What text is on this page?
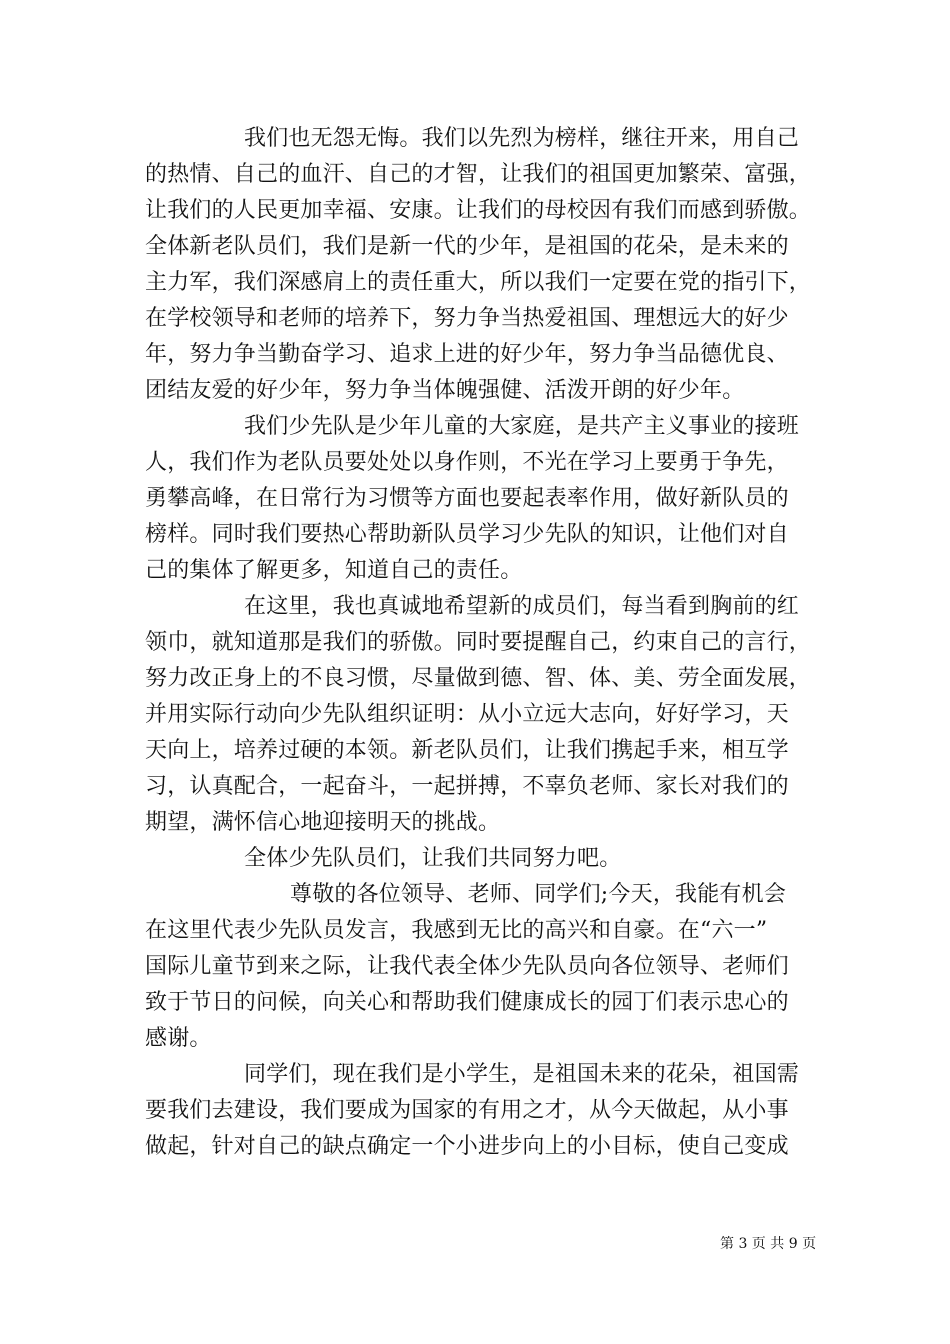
我们也无怨无悔。我们以先烈为榜样，继往开来，用自己
的热情、自己的血汗、自己的才智，让我们的祖国更加繁荣、富强，
让我们的人民更加幸福、安康。让我们的母校因有我们而感到骄傲。
全体新老队员们，我们是新一代的少年，是祖国的花朵，是未来的
主力军，我们深感肩上的责任重大，所以我们一定要在党的指引下，
在学校领导和老师的培养下，努力争当热爱祖国、理想远大的好少
年，努力争当勤奋学习、追求上进的好少年，努力争当品德优良、
团结友爱的好少年，努力争当体魄强健、活泼开朗的好少年。
我们少先队是少年儿童的大家庭，是共产主义事业的接班
人，我们作为老队员要处处以身作则，不光在学习上要勇于争先，
勇攀高峰，在日常行为习惯等方面也要起表率作用，做好新队员的
榜样。同时我们要热心帮助新队员学习少先队的知识，让他们对自
己的集体了解更多，知道自己的责任。
在这里，我也真诚地希望新的成员们，每当看到胸前的红
领巾，就知道那是我们的骄傲。同时要提醒自己，约束自己的言行，
努力改正身上的不良习惯，尽量做到德、智、体、美、劳全面发展，
并用实际行动向少先队组织证明：从小立远大志向，好好学习，天
天向上，培养过硬的本领。新老队员们，让我们携起手来，相互学
习，认真配合，一起奋斗，一起拼搏，不辜负老师、家长对我们的
期望，满怀信心地迎接明天的挑战。
全体少先队员们，让我们共同努力吧。
尊敬的各位领导、老师、同学们;今天，我能有机会
在这里代表少先队员发言，我感到无比的高兴和自豪。在“六一”
国际儿童节到来之际，让我代表全体少先队员向各位领导、老师们
致于节日的问候，向关心和帮助我们健康成长的园丁们表示忠心的
感谢。
同学们，现在我们是小学生，是祖国未来的花朵，祖国需
要我们去建设，我们要成为国家的有用之才，从今天做起，从小事
做起，针对自己的缺点确定一个小进步向上的小目标，使自己变成
第 3 页 共 9 页
